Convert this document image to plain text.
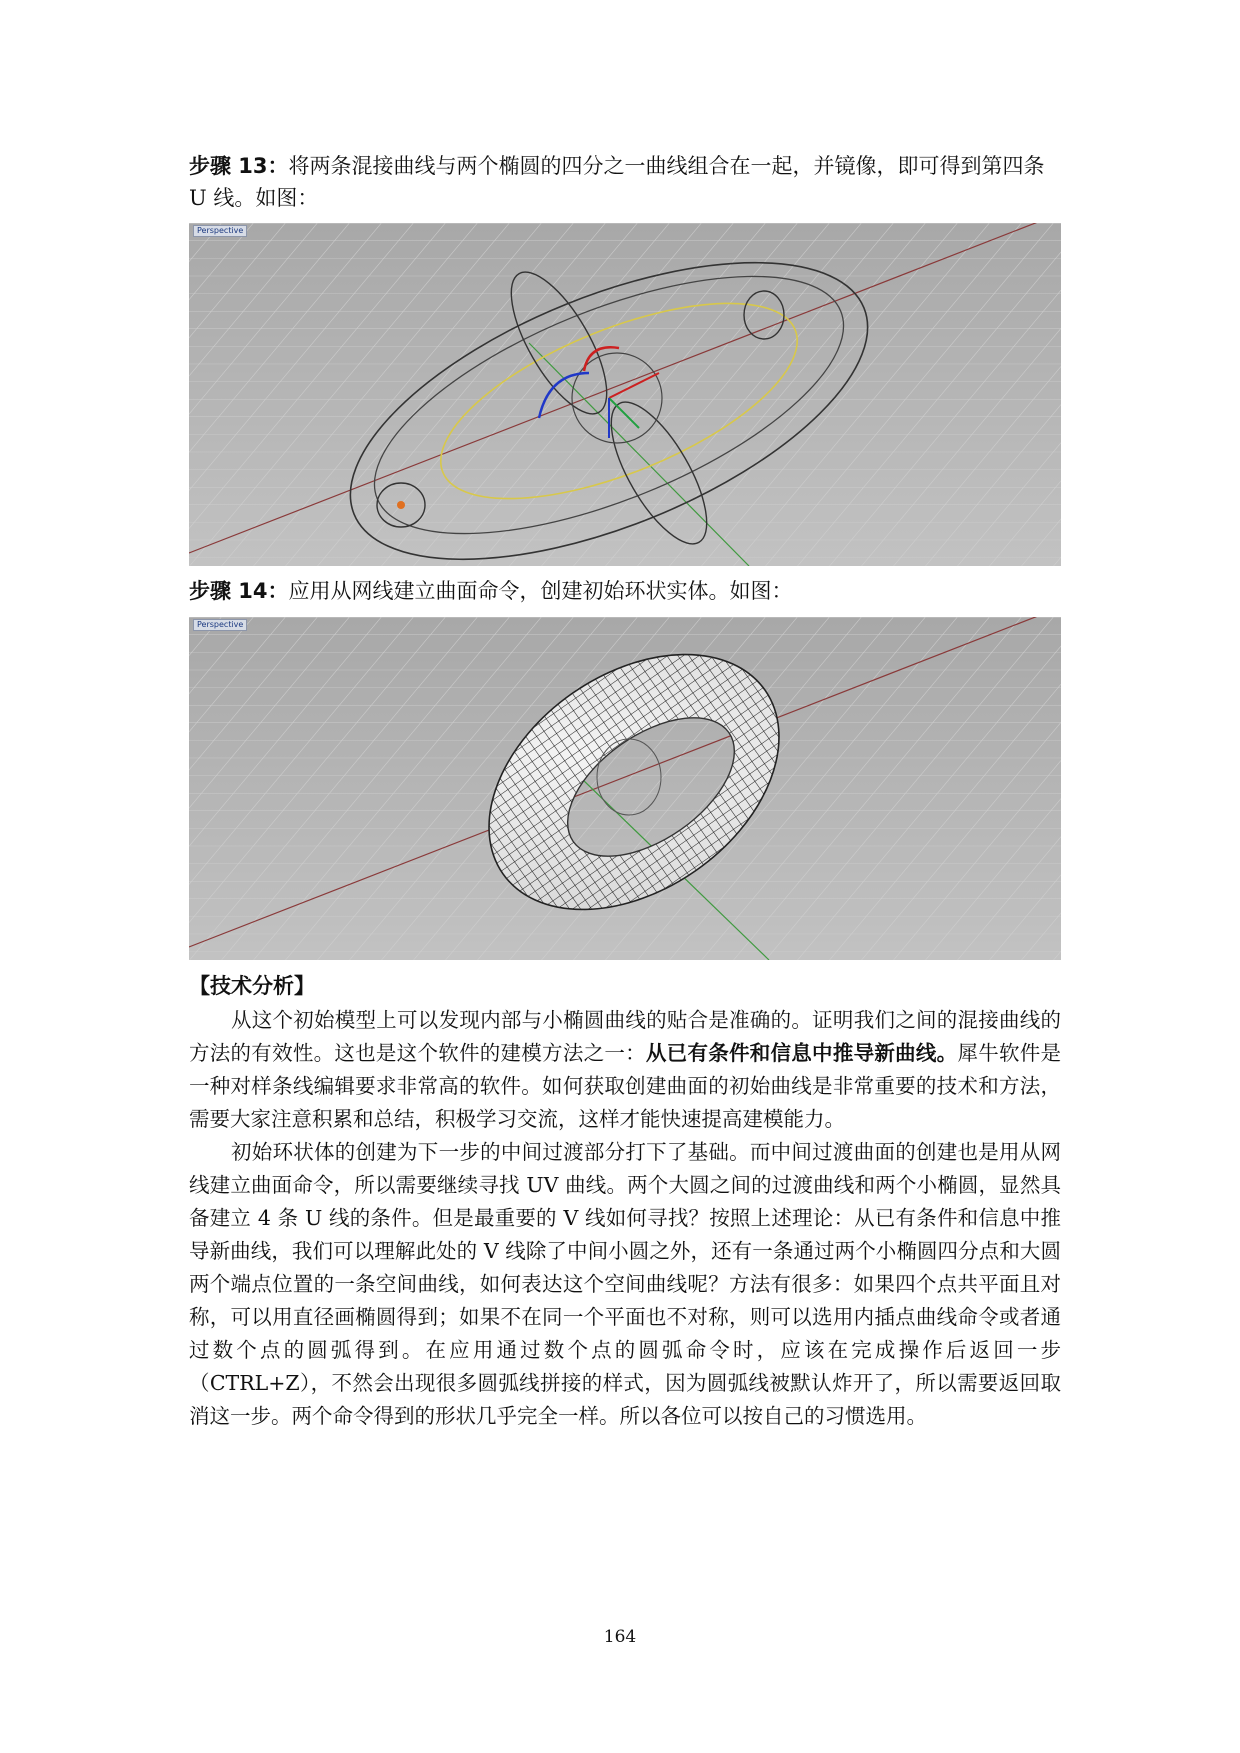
步骤 13：将两条混接曲线与两个椭圆的四分之一曲线组合在一起，并镜像，即可得到第四条 U 线。如图：

Perspective

步骤 14：应用从网线建立曲面命令，创建初始环状实体。如图：

Perspective

【技术分析】

从这个初始模型上可以发现内部与小椭圆曲线的贴合是准确的。证明我们之间的混接曲线的方法的有效性。这也是这个软件的建模方法之一：从已有条件和信息中推导新曲线。犀牛软件是一种对样条线编辑要求非常高的软件。如何获取创建曲面的初始曲线是非常重要的技术和方法，需要大家注意积累和总结，积极学习交流，这样才能快速提高建模能力。

初始环状体的创建为下一步的中间过渡部分打下了基础。而中间过渡曲面的创建也是用从网线建立曲面命令，所以需要继续寻找 UV 曲线。两个大圆之间的过渡曲线和两个小椭圆，显然具备建立 4 条 U 线的条件。但是最重要的 V 线如何寻找？按照上述理论：从已有条件和信息中推导新曲线，我们可以理解此处的 V 线除了中间小圆之外，还有一条通过两个小椭圆四分点和大圆两个端点位置的一条空间曲线，如何表达这个空间曲线呢？方法有很多：如果四个点共平面且对称，可以用直径画椭圆得到；如果不在同一个平面也不对称，则可以选用内插点曲线命令或者通过数个点的圆弧得到。在应用通过数个点的圆弧命令时，应该在完成操作后返回一步（CTRL+Z），不然会出现很多圆弧线拼接的样式，因为圆弧线被默认炸开了，所以需要返回取消这一步。两个命令得到的形状几乎完全一样。所以各位可以按自己的习惯选用。

164
